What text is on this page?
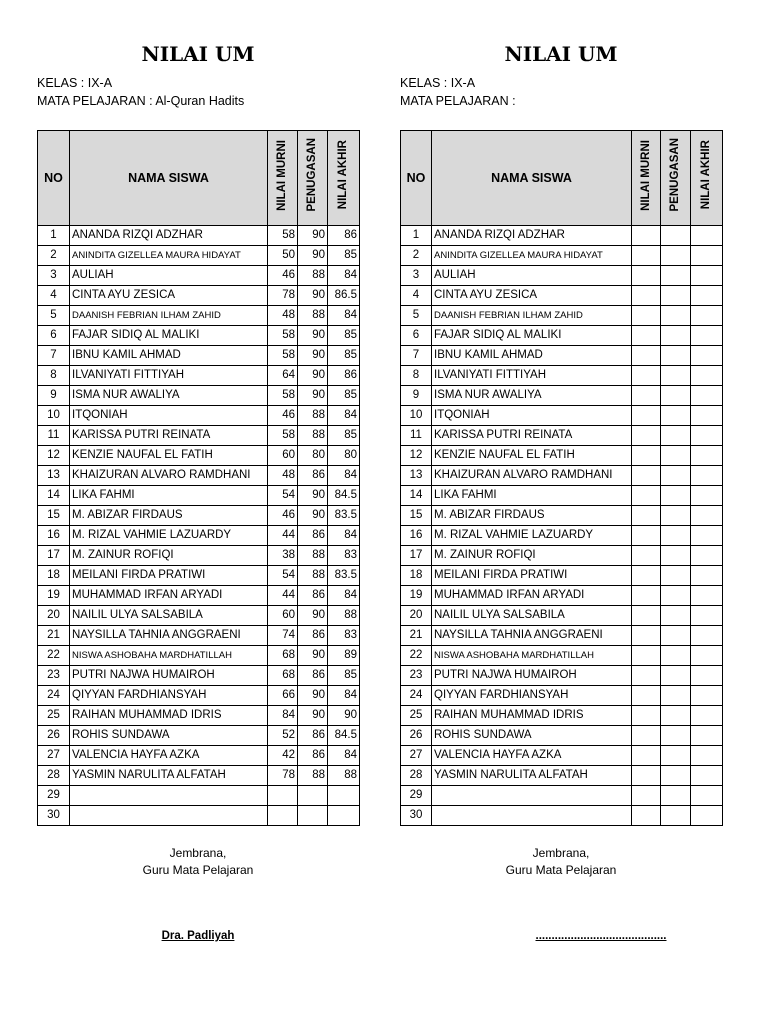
NILAI UM
KELAS : IX-A
MATA PELAJARAN : Al-Quran Hadits
NO	NAMA SISWA	NILAI MURNI	PENUGASAN	NILAI AKHIR
1	ANANDA RIZQI ADZHAR	58	90	86
2	ANINDITA GIZELLEA MAURA HIDAYAT	50	90	85
3	AULIAH	46	88	84
4	CINTA AYU ZESICA	78	90	86.5
5	DAANISH FEBRIAN ILHAM ZAHID	48	88	84
6	FAJAR SIDIQ AL MALIKI	58	90	85
7	IBNU KAMIL AHMAD	58	90	85
8	ILVANIYATI FITTIYAH	64	90	86
9	ISMA NUR AWALIYA	58	90	85
10	ITQONIAH	46	88	84
11	KARISSA PUTRI REINATA	58	88	85
12	KENZIE NAUFAL EL FATIH	60	80	80
13	KHAIZURAN ALVARO RAMDHANI	48	86	84
14	LIKA FAHMI	54	90	84.5
15	M. ABIZAR FIRDAUS	46	90	83.5
16	M. RIZAL VAHMIE LAZUARDY	44	86	84
17	M. ZAINUR ROFIQI	38	88	83
18	MEILANI FIRDA PRATIWI	54	88	83.5
19	MUHAMMAD IRFAN ARYADI	44	86	84
20	NAILIL ULYA SALSABILA	60	90	88
21	NAYSILLA TAHNIA ANGGRAENI	74	86	83
22	NISWA ASHOBAHA MARDHATILLAH	68	90	89
23	PUTRI NAJWA HUMAIROH	68	86	85
24	QIYYAN FARDHIANSYAH	66	90	84
25	RAIHAN MUHAMMAD IDRIS	84	90	90
26	ROHIS SUNDAWA	52	86	84.5
27	VALENCIA HAYFA AZKA	42	86	84
28	YASMIN NARULITA ALFATAH	78	88	88
29				
30				
Jembrana,
Guru Mata Pelajaran
Dra. Padliyah
NILAI UM
KELAS : IX-A
MATA PELAJARAN :
NO	NAMA SISWA	NILAI MURNI	PENUGASAN	NILAI AKHIR
1	ANANDA RIZQI ADZHAR			
2	ANINDITA GIZELLEA MAURA HIDAYAT			
3	AULIAH			
4	CINTA AYU ZESICA			
5	DAANISH FEBRIAN ILHAM ZAHID			
6	FAJAR SIDIQ AL MALIKI			
7	IBNU KAMIL AHMAD			
8	ILVANIYATI FITTIYAH			
9	ISMA NUR AWALIYA			
10	ITQONIAH			
11	KARISSA PUTRI REINATA			
12	KENZIE NAUFAL EL FATIH			
13	KHAIZURAN ALVARO RAMDHANI			
14	LIKA FAHMI			
15	M. ABIZAR FIRDAUS			
16	M. RIZAL VAHMIE LAZUARDY			
17	M. ZAINUR ROFIQI			
18	MEILANI FIRDA PRATIWI			
19	MUHAMMAD IRFAN ARYADI			
20	NAILIL ULYA SALSABILA			
21	NAYSILLA TAHNIA ANGGRAENI			
22	NISWA ASHOBAHA MARDHATILLAH			
23	PUTRI NAJWA HUMAIROH			
24	QIYYAN FARDHIANSYAH			
25	RAIHAN MUHAMMAD IDRIS			
26	ROHIS SUNDAWA			
27	VALENCIA HAYFA AZKA			
28	YASMIN NARULITA ALFATAH			
29				
30				
Jembrana,
Guru Mata Pelajaran
.........................................
